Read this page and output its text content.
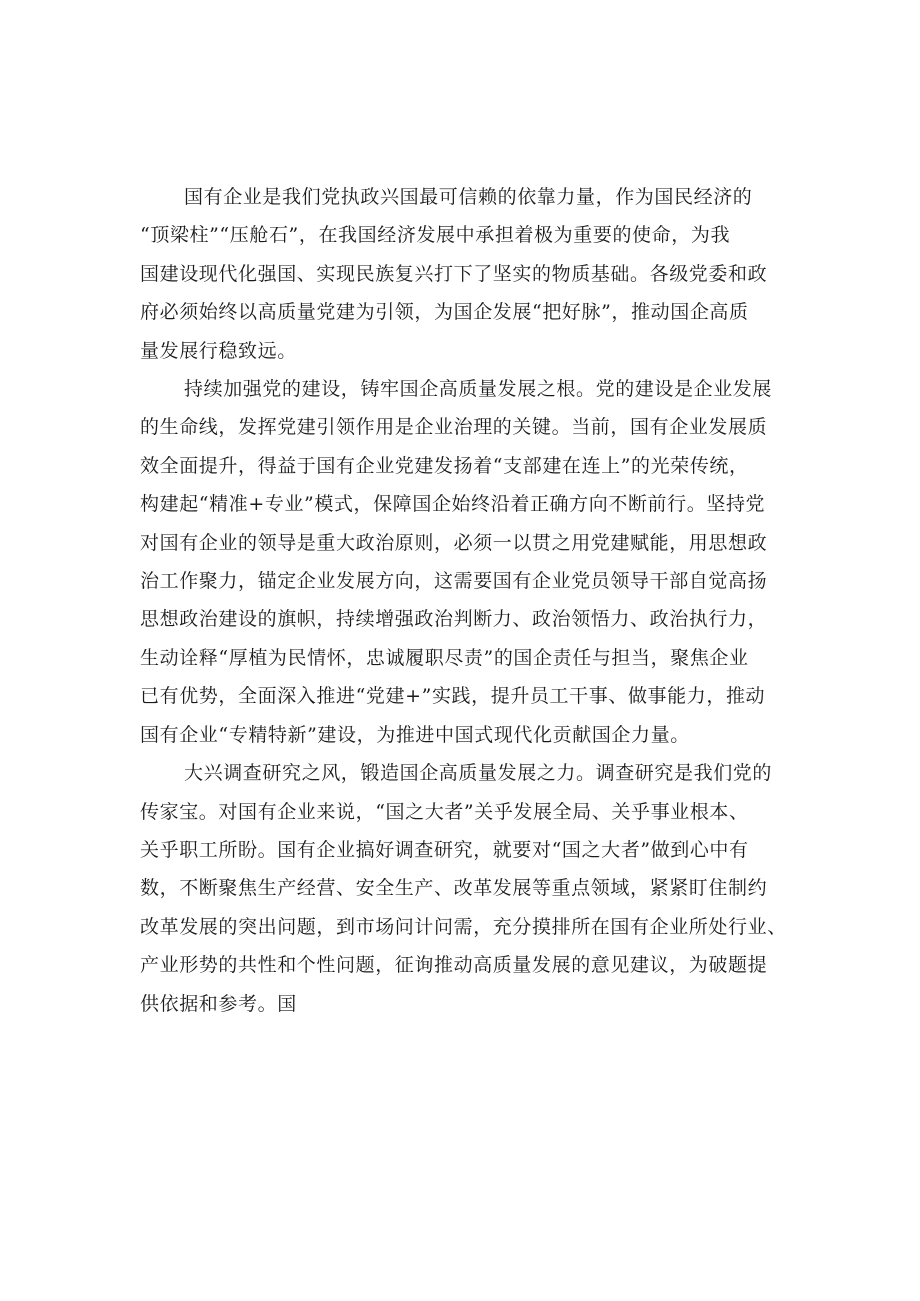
国有企业是我们党执政兴国最可信赖的依靠力量，作为国民经济的
“顶梁柱”“压舱石”，在我国经济发展中承担着极为重要的使命，为我
国建设现代化强国、实现民族复兴打下了坚实的物质基础。各级党委和政
府必须始终以高质量党建为引领，为国企发展“把好脉”，推动国企高质
量发展行稳致远。

持续加强党的建设，铸牢国企高质量发展之根。党的建设是企业发展
的生命线，发挥党建引领作用是企业治理的关键。当前，国有企业发展质
效全面提升，得益于国有企业党建发扬着“支部建在连上”的光荣传统，
构建起“精准+专业”模式，保障国企始终沿着正确方向不断前行。坚持党
对国有企业的领导是重大政治原则，必须一以贯之用党建赋能，用思想政
治工作聚力，锚定企业发展方向，这需要国有企业党员领导干部自觉高扬
思想政治建设的旗帜，持续增强政治判断力、政治领悟力、政治执行力，
生动诠释“厚植为民情怀，忠诚履职尽责”的国企责任与担当，聚焦企业
已有优势，全面深入推进“党建+”实践，提升员工干事、做事能力，推动
国有企业“专精特新”建设，为推进中国式现代化贡献国企力量。

大兴调查研究之风，锻造国企高质量发展之力。调查研究是我们党的
传家宝。对国有企业来说，“国之大者”关乎发展全局、关乎事业根本、
关乎职工所盼。国有企业搞好调查研究，就要对“国之大者”做到心中有
数，不断聚焦生产经营、安全生产、改革发展等重点领域，紧紧盯住制约
改革发展的突出问题，到市场问计问需，充分摸排所在国有企业所处行业、
产业形势的共性和个性问题，征询推动高质量发展的意见建议，为破题提
供依据和参考。国
